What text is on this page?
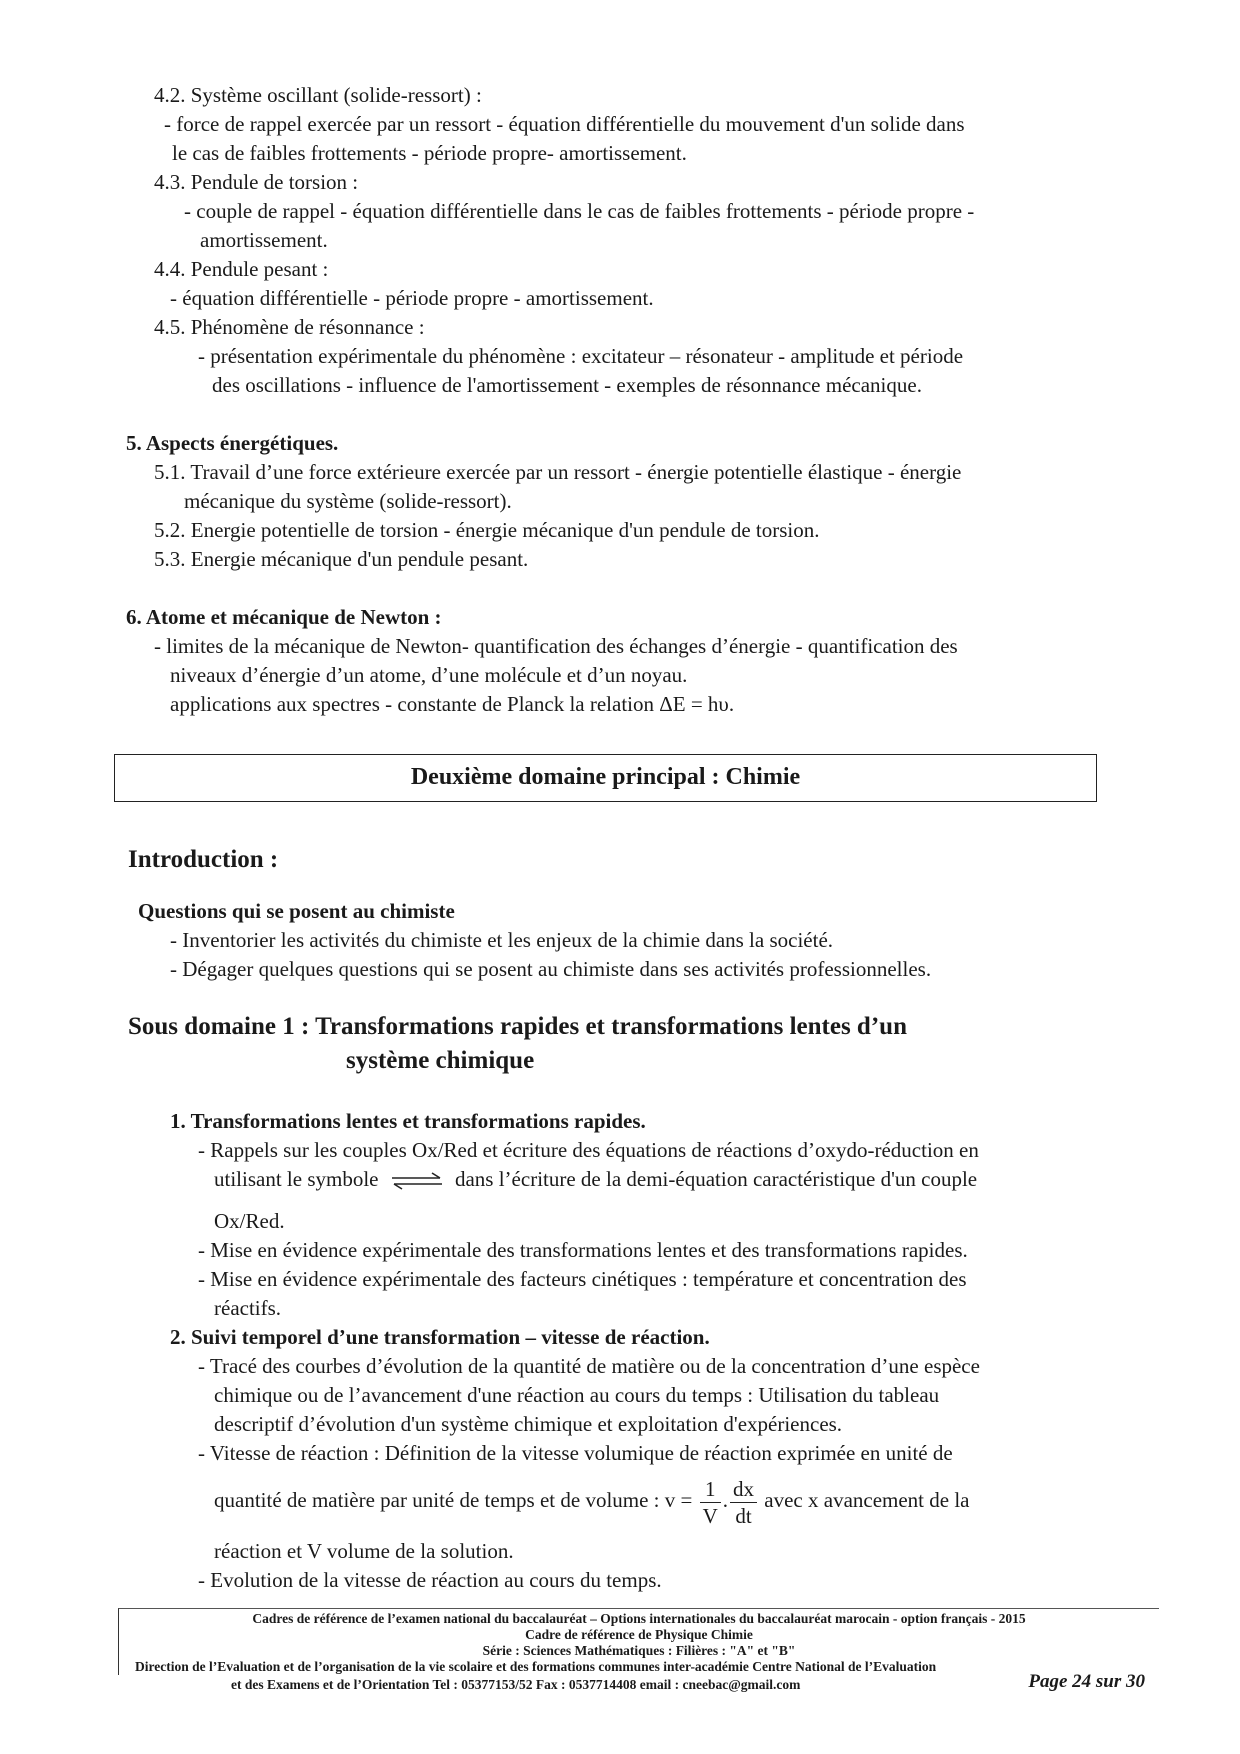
4.2. Système oscillant (solide-ressort) :
- force de rappel exercée par un ressort - équation différentielle du mouvement d'un solide dans
le cas de faibles frottements - période propre- amortissement.
4.3. Pendule de torsion :
- couple de rappel - équation différentielle dans le cas de faibles frottements - période propre -
amortissement.
4.4. Pendule pesant :
- équation différentielle - période propre - amortissement.
4.5. Phénomène de résonnance :
- présentation expérimentale du phénomène : excitateur – résonateur - amplitude et période
des oscillations - influence de l'amortissement - exemples de résonnance mécanique.
5. Aspects énergétiques.
5.1. Travail d’une force extérieure exercée par un ressort - énergie potentielle élastique - énergie
mécanique du système (solide-ressort).
5.2. Energie potentielle de torsion - énergie mécanique d'un pendule de torsion.
5.3. Energie mécanique d'un pendule pesant.
6. Atome et mécanique de Newton :
- limites de la mécanique de Newton- quantification des échanges d’énergie - quantification des
niveaux d’énergie d’un atome, d’une molécule et d’un noyau.
applications aux spectres - constante de Planck la relation ΔE = hυ.
Deuxième domaine principal : Chimie
Introduction :
Questions qui se posent au chimiste
- Inventorier les activités du chimiste et les enjeux de la chimie dans la société.
- Dégager quelques questions qui se posent au chimiste dans ses activités professionnelles.
Sous domaine 1 : Transformations rapides et transformations lentes d’un
système chimique
1. Transformations lentes et transformations rapides.
- Rappels sur les couples Ox/Red et écriture des équations de réactions d’oxydo-réduction en
utilisant le symbole ⇌ dans l’écriture de la demi-équation caractéristique d'un couple
Ox/Red.
- Mise en évidence expérimentale des transformations lentes et des transformations rapides.
- Mise en évidence expérimentale des facteurs cinétiques : température et concentration des
réactifs.
2. Suivi temporel d’une transformation – vitesse de réaction.
- Tracé des courbes d’évolution de la quantité de matière ou de la concentration d’une espèce
chimique ou de l’avancement d'une réaction au cours du temps : Utilisation du tableau
descriptif d’évolution d'un système chimique et exploitation d'expériences.
- Vitesse de réaction : Définition de la vitesse volumique de réaction exprimée en unité de
quantité de matière par unité de temps et de volume : $v = \frac{1}{V}$ . $\frac{dx}{dt}$ avec x avancement de la
réaction et V volume de la solution.
- Evolution de la vitesse de réaction au cours du temps.
Cadres de référence de l’examen national du baccalauréat – Options internationales du baccalauréat marocain - option français - 2015
Cadre de référence de Physique Chimie
Série : Sciences Mathématiques : Filières : "A" et "B"
Direction de l’Evaluation et de l’organisation de la vie scolaire et des formations communes inter-académie Centre National de l’Evaluation
et des Examens et de l’Orientation Tel : 05377153/52 Fax : 0537714408 email : cneebac@gmail.com	Page 24 sur 30
